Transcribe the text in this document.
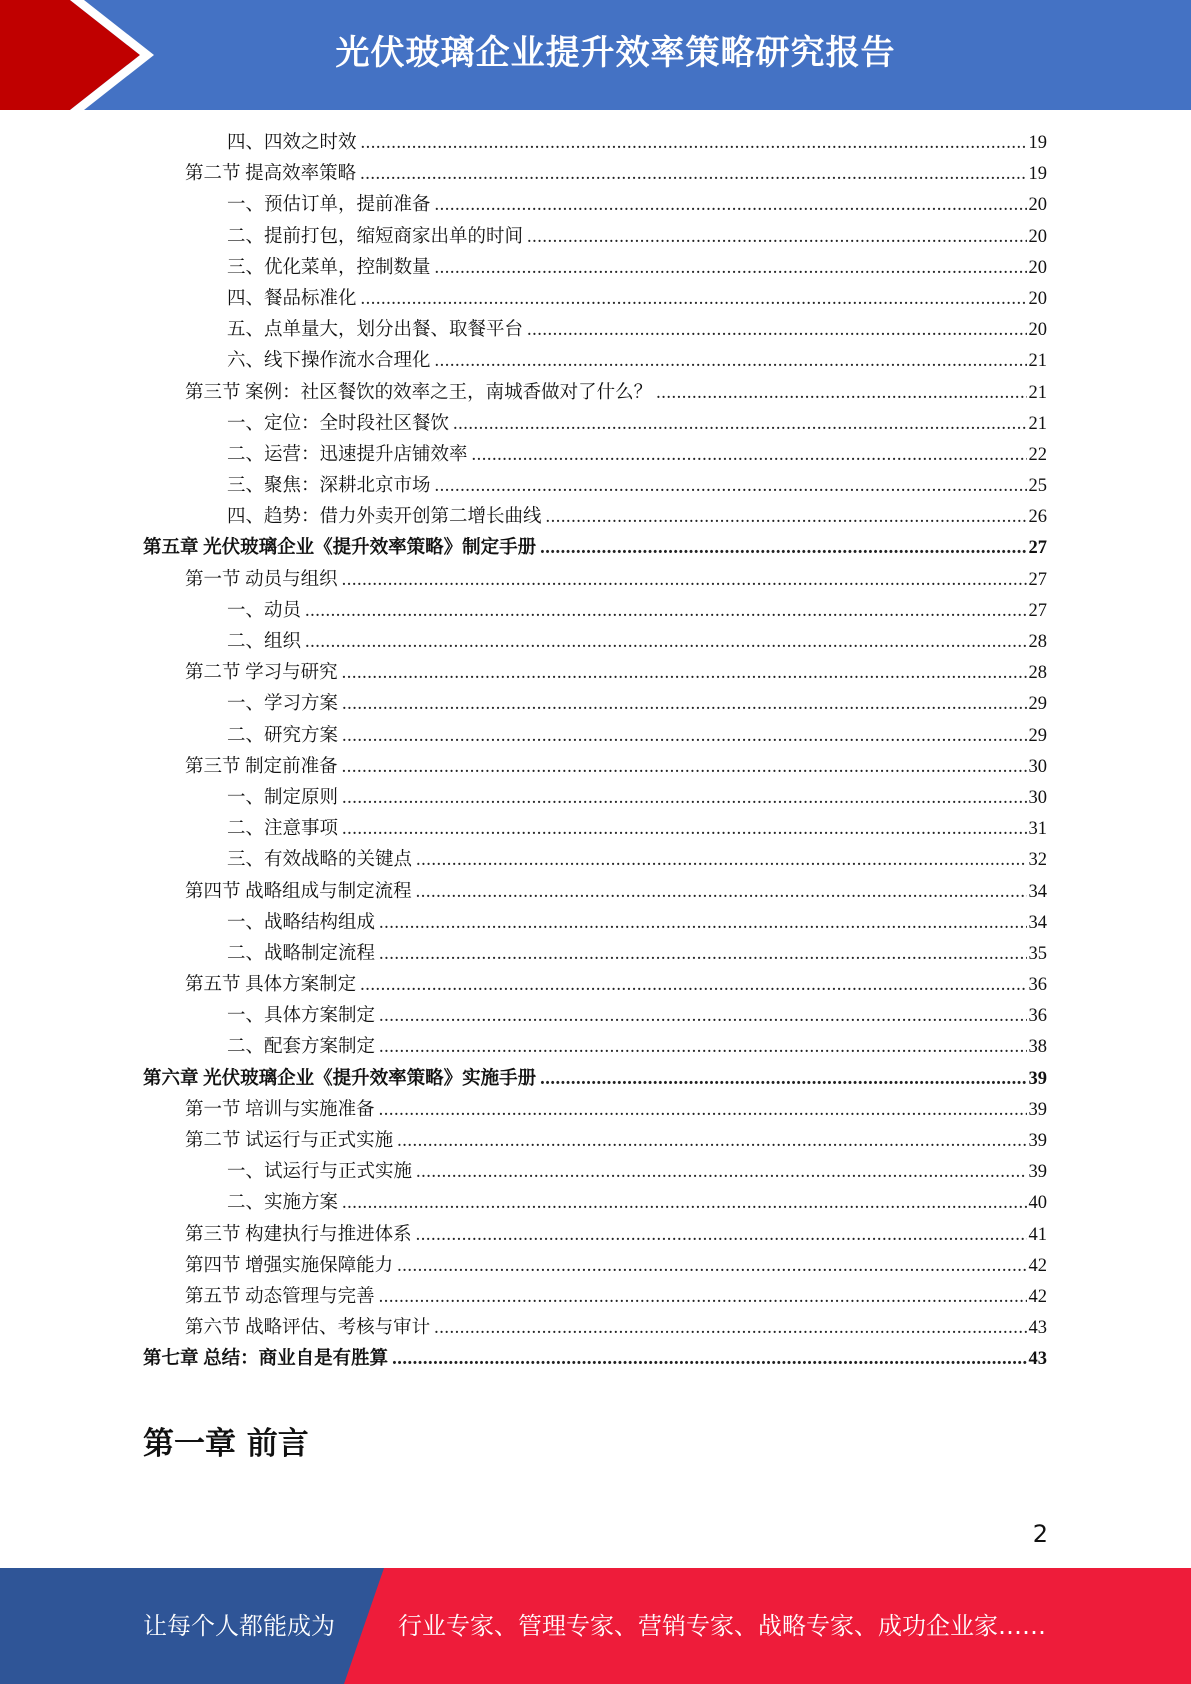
光伏玻璃企业提升效率策略研究报告
四、四效之时效 .....	19
第二节 提高效率策略 .....	19
一、预估订单，提前准备 .....	20
二、提前打包，缩短商家出单的时间 .....	20
三、优化菜单，控制数量 .....	20
四、餐品标准化 .....	20
五、点单量大，划分出餐、取餐平台 .....	20
六、线下操作流水合理化 .....	21
第三节 案例：社区餐饮的效率之王，南城香做对了什么？ .....	21
一、定位：全时段社区餐饮 .....	21
二、运营：迅速提升店铺效率 .....	22
三、聚焦：深耕北京市场 .....	25
四、趋势：借力外卖开创第二增长曲线 .....	26
第五章 光伏玻璃企业《提升效率策略》制定手册 .....	27
第一节 动员与组织 .....	27
一、动员 .....	27
二、组织 .....	28
第二节 学习与研究 .....	28
一、学习方案 .....	29
二、研究方案 .....	29
第三节 制定前准备 .....	30
一、制定原则 .....	30
二、注意事项 .....	31
三、有效战略的关键点 .....	32
第四节 战略组成与制定流程 .....	34
一、战略结构组成 .....	34
二、战略制定流程 .....	35
第五节 具体方案制定 .....	36
一、具体方案制定 .....	36
二、配套方案制定 .....	38
第六章 光伏玻璃企业《提升效率策略》实施手册 .....	39
第一节 培训与实施准备 .....	39
第二节 试运行与正式实施 .....	39
一、试运行与正式实施 .....	39
二、实施方案 .....	40
第三节 构建执行与推进体系 .....	41
第四节 增强实施保障能力 .....	42
第五节 动态管理与完善 .....	42
第六节 战略评估、考核与审计 .....	43
第七章 总结：商业自是有胜算 .....	43
第一章 前言
2
让每个人都能成为	行业专家、管理专家、营销专家、战略专家、成功企业家……
